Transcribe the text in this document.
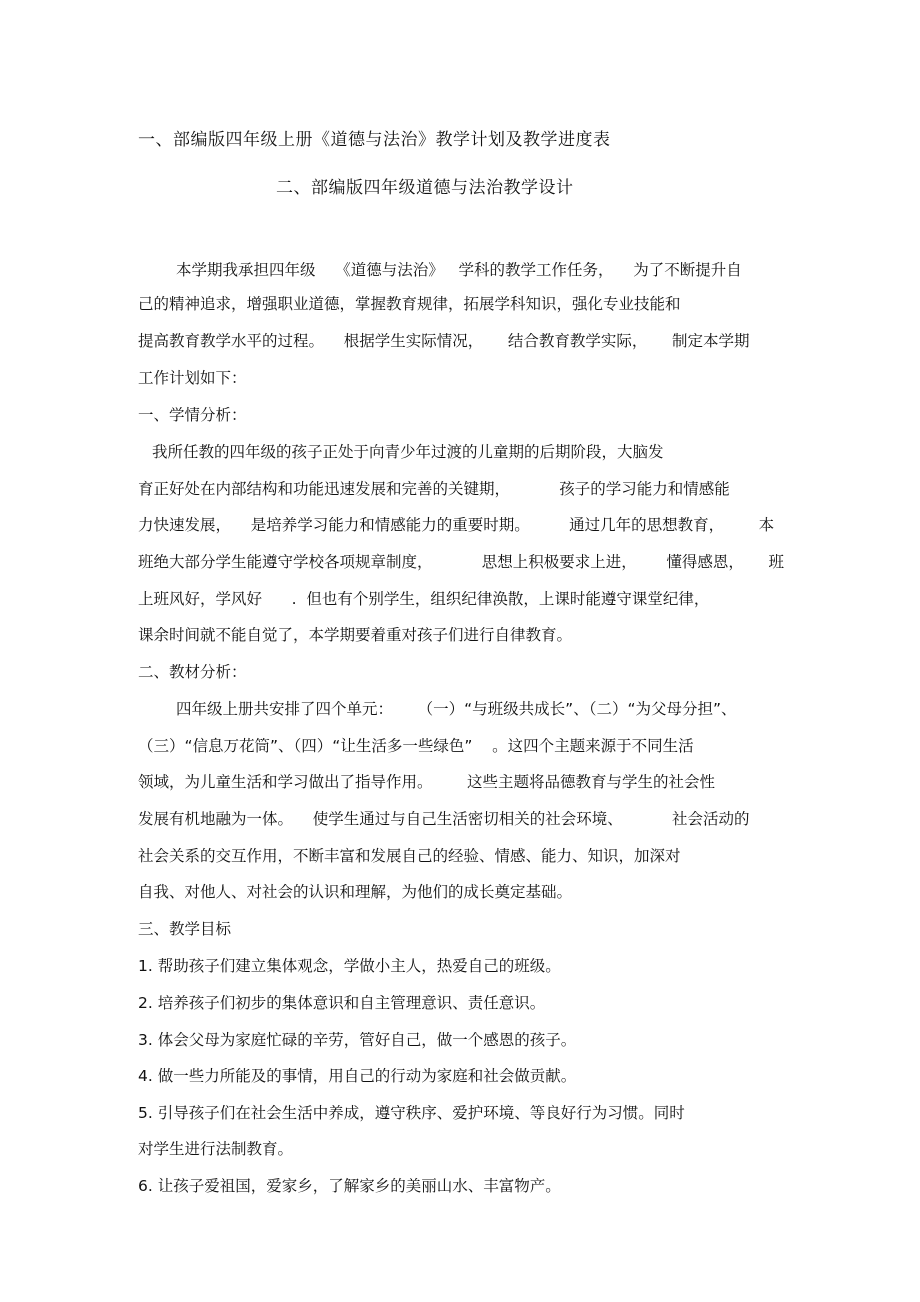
一、部编版四年级上册《道德与法治》教学计划及教学进度表
二、部编版四年级道德与法治教学设计
本学期我承担四年级    《道德与法治》   学科的教学工作任务，    为了不断提升自
己的精神追求，增强职业道德，掌握教育规律，拓展学科知识，强化专业技能和
提高教育教学水平的过程。    根据学生实际情况，     结合教育教学实际，     制定本学期
工作计划如下：
一、学情分析：
我所任教的四年级的孩子正处于向青少年过渡的儿童期的后期阶段，大脑发
育正好处在内部结构和功能迅速发展和完善的关键期，          孩子的学习能力和情感能
力快速发展，    是培养学习能力和情感能力的重要时期。        通过几年的思想教育，       本
班绝大部分学生能遵守学校各项规章制度，          思想上积极要求上进，      懂得感恩，     班
上班风好，学风好      .  但也有个别学生，组织纪律涣散，上课时能遵守课堂纪律，
课余时间就不能自觉了，本学期要着重对孩子们进行自律教育。
二、教材分析：
四年级上册共安排了四个单元：     （一）“与班级共成长”、（二）“为父母分担”、
（三）“信息万花筒”、（四）“让生活多一些绿色”    。这四个主题来源于不同生活
领域，为儿童生活和学习做出了指导作用。       这些主题将品德教育与学生的社会性
发展有机地融为一体。    使学生通过与自己生活密切相关的社会环境、          社会活动的
社会关系的交互作用，不断丰富和发展自己的经验、情感、能力、知识，加深对
自我、对他人、对社会的认识和理解，为他们的成长奠定基础。
三、教学目标
1. 帮助孩子们建立集体观念，学做小主人，热爱自己的班级。
2. 培养孩子们初步的集体意识和自主管理意识、责任意识。
3. 体会父母为家庭忙碌的辛劳，管好自己，做一个感恩的孩子。
4. 做一些力所能及的事情，用自己的行动为家庭和社会做贡献。
5. 引导孩子们在社会生活中养成，遵守秩序、爱护环境、等良好行为习惯。同时
对学生进行法制教育。
6. 让孩子爱祖国，爱家乡，了解家乡的美丽山水、丰富物产。
